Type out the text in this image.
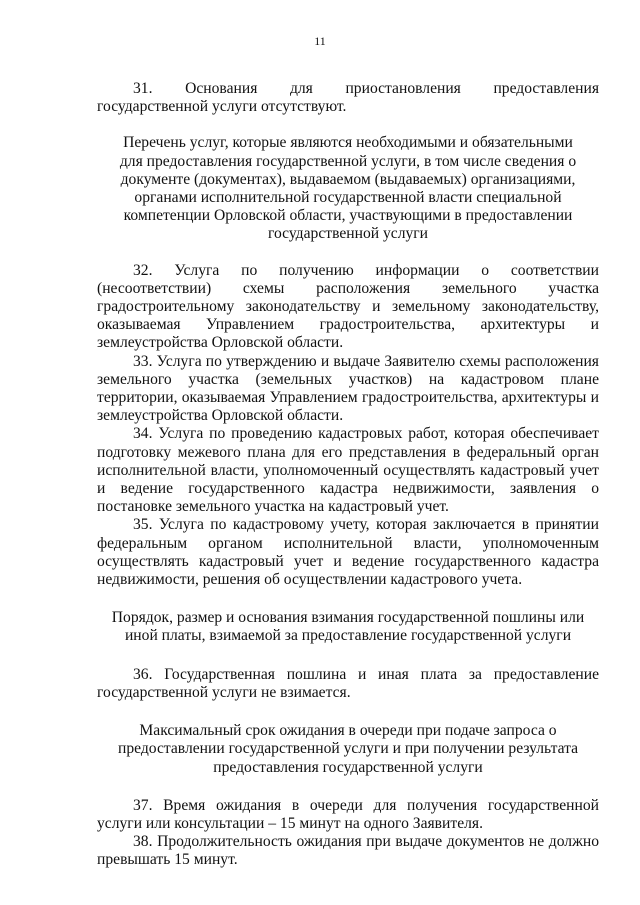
11

31. Основания для приостановления предоставления государственной услуги отсутствуют.

Перечень услуг, которые являются необходимыми и обязательными для предоставления государственной услуги, в том числе сведения о документе (документах), выдаваемом (выдаваемых) организациями, органами исполнительной государственной власти специальной компетенции Орловской области, участвующими в предоставлении государственной услуги

32. Услуга по получению информации о соответствии (несоответствии) схемы расположения земельного участка градостроительному законодательству и земельному законодательству, оказываемая Управлением градостроительства, архитектуры и землеустройства Орловской области.

33. Услуга по утверждению и выдаче Заявителю схемы расположения земельного участка (земельных участков) на кадастровом плане территории, оказываемая Управлением градостроительства, архитектуры и землеустройства Орловской области.

34. Услуга по проведению кадастровых работ, которая обеспечивает подготовку межевого плана для его представления в федеральный орган исполнительной власти, уполномоченный осуществлять кадастровый учет и ведение государственного кадастра недвижимости, заявления о постановке земельного участка на кадастровый учет.

35. Услуга по кадастровому учету, которая заключается в принятии федеральным органом исполнительной власти, уполномоченным осуществлять кадастровый учет и ведение государственного кадастра недвижимости, решения об осуществлении кадастрового учета.

Порядок, размер и основания взимания государственной пошлины или иной платы, взимаемой за предоставление государственной услуги

36. Государственная пошлина и иная плата за предоставление государственной услуги не взимается.

Максимальный срок ожидания в очереди при подаче запроса о предоставлении государственной услуги и при получении результата предоставления государственной услуги

37. Время ожидания в очереди для получения государственной услуги или консультации – 15 минут на одного Заявителя.

38. Продолжительность ожидания при выдаче документов не должно превышать 15 минут.
